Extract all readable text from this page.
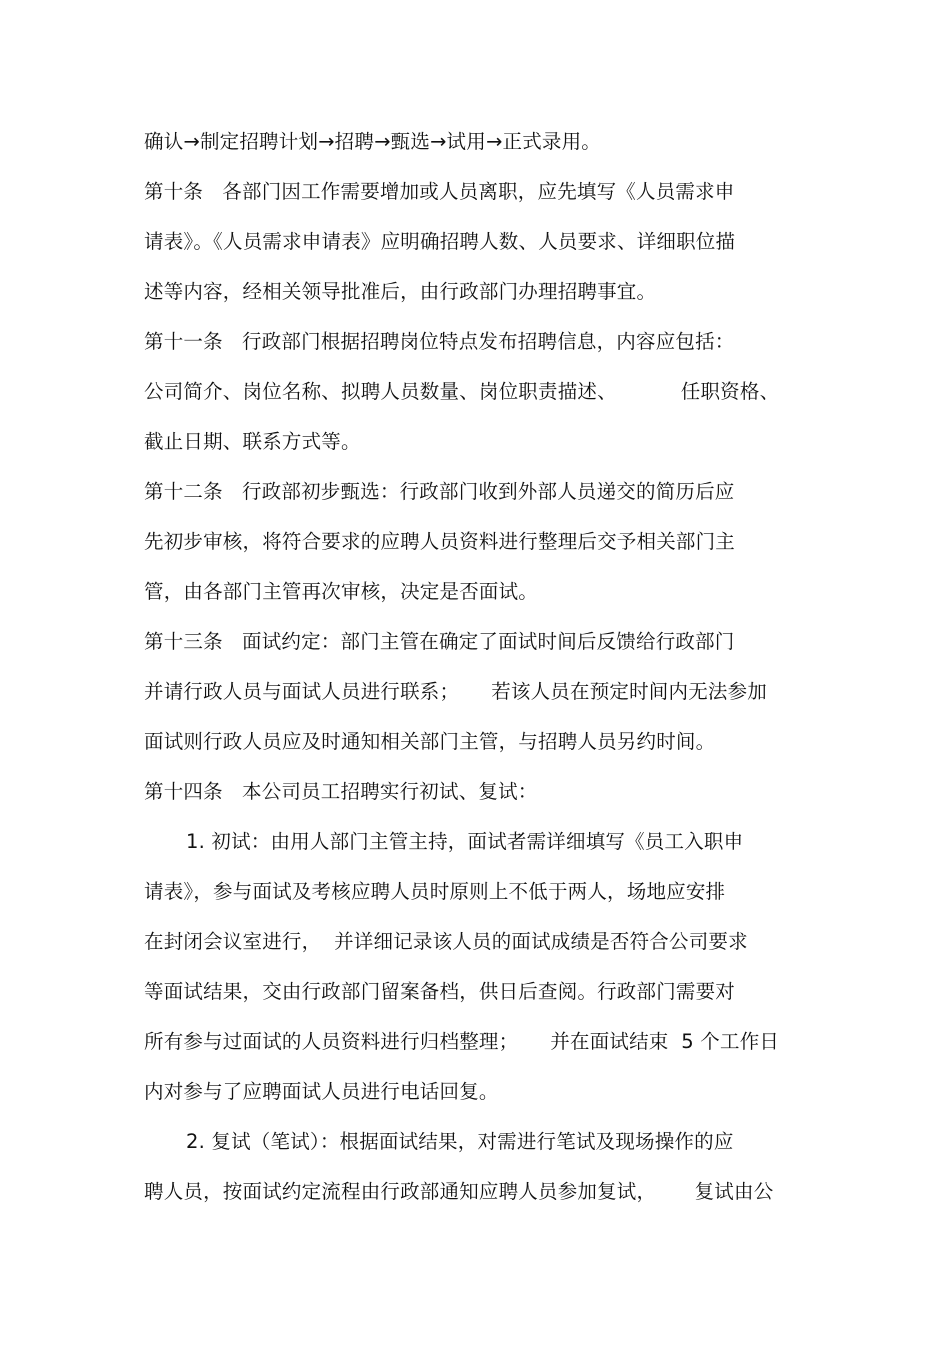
确认→制定招聘计划→招聘→甄选→试用→正式录用。
第十条   各部门因工作需要增加或人员离职，应先填写《人员需求申
请表》。《人员需求申请表》应明确招聘人数、人员要求、详细职位描
述等内容，经相关领导批准后，由行政部门办理招聘事宜。
第十一条   行政部门根据招聘岗位特点发布招聘信息，内容应包括：
公司简介、岗位名称、拟聘人员数量、岗位职责描述、          任职资格、
截止日期、联系方式等。
第十二条   行政部初步甄选：行政部门收到外部人员递交的简历后应
先初步审核，将符合要求的应聘人员资料进行整理后交予相关部门主
管，由各部门主管再次审核，决定是否面试。
第十三条   面试约定：部门主管在确定了面试时间后反馈给行政部门
并请行政人员与面试人员进行联系；     若该人员在预定时间内无法参加
面试则行政人员应及时通知相关部门主管，与招聘人员另约时间。
第十四条   本公司员工招聘实行初试、复试：
1. 初试：由用人部门主管主持，面试者需详细填写《员工入职申
请表》，参与面试及考核应聘人员时原则上不低于两人，场地应安排
在封闭会议室进行，  并详细记录该人员的面试成绩是否符合公司要求
等面试结果，交由行政部门留案备档，供日后查阅。行政部门需要对
所有参与过面试的人员资料进行归档整理；     并在面试结束  5 个工作日
内对参与了应聘面试人员进行电话回复。
2. 复试（笔试）：根据面试结果，对需进行笔试及现场操作的应
聘人员，按面试约定流程由行政部通知应聘人员参加复试，      复试由公
